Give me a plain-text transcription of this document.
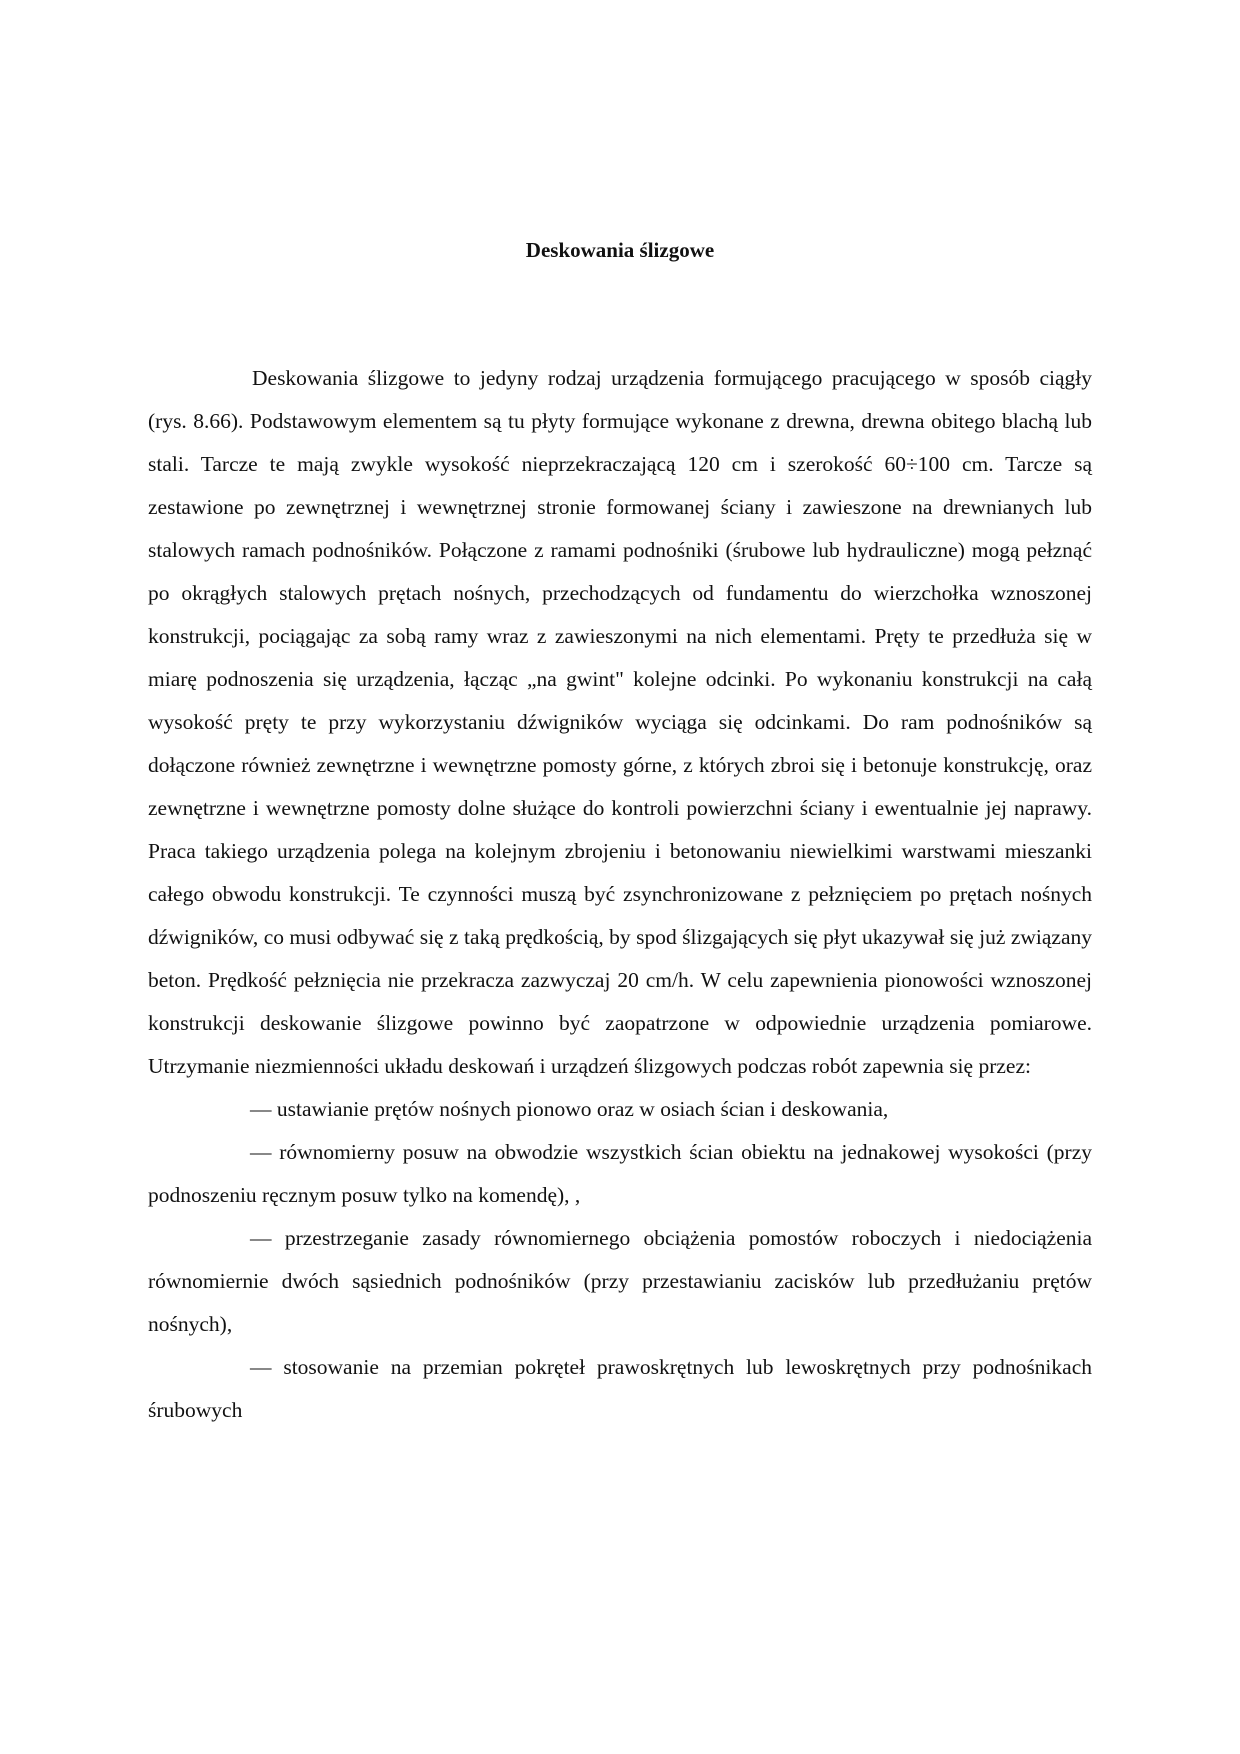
Deskowania ślizgowe

Deskowania ślizgowe to jedyny rodzaj urządzenia formującego pracującego w sposób ciągły (rys. 8.66). Podstawowym elementem są tu płyty formujące wykonane z drewna, drewna obitego blachą lub stali. Tarcze te mają zwykle wysokość nieprzekraczającą 120 cm i szerokość 60÷100 cm. Tarcze są zestawione po zewnętrznej i wewnętrznej stronie formowanej ściany i zawieszone na drewnianych lub stalowych ramach podnośników. Połączone z ramami podnośniki (śrubowe lub hydrauliczne) mogą pełznąć po okrągłych stalowych prętach nośnych, przechodzących od fundamentu do wierzchołka wznoszonej konstrukcji, pociągając za sobą ramy wraz z zawieszonymi na nich elementami. Pręty te przedłuża się w miarę podnoszenia się urządzenia, łącząc „na gwint" kolejne odcinki. Po wykonaniu konstrukcji na całą wysokość pręty te przy wykorzystaniu dźwigników wyciąga się odcinkami. Do ram podnośników są dołączone również zewnętrzne i wewnętrzne pomosty górne, z których zbroi się i betonuje konstrukcję, oraz zewnętrzne i wewnętrzne pomosty dolne służące do kontroli powierzchni ściany i ewentualnie jej naprawy. Praca takiego urządzenia polega na kolejnym zbrojeniu i betonowaniu niewielkimi warstwami mieszanki całego obwodu konstrukcji. Te czynności muszą być zsynchronizowane z pełznięciem po prętach nośnych dźwigników, co musi odbywać się z taką prędkością, by spod ślizgających się płyt ukazywał się już związany beton. Prędkość pełznięcia nie przekracza zazwyczaj 20 cm/h. W celu zapewnienia pionowości wznoszonej konstrukcji deskowanie ślizgowe powinno być zaopatrzone w odpowiednie urządzenia pomiarowe. Utrzymanie niezmienności układu deskowań i urządzeń ślizgowych podczas robót zapewnia się przez:

— ustawianie prętów nośnych pionowo oraz w osiach ścian i deskowania,

— równomierny posuw na obwodzie wszystkich ścian obiektu na jednakowej wysokości (przy podnoszeniu ręcznym posuw tylko na komendę), ,

— przestrzeganie zasady równomiernego obciążenia pomostów roboczych i niedociążenia równomiernie dwóch sąsiednich podnośników (przy przestawianiu zacisków lub przedłużaniu prętów nośnych),

— stosowanie na przemian pokręteł prawoskrętnych lub lewoskrętnych przy podnośnikach śrubowych
